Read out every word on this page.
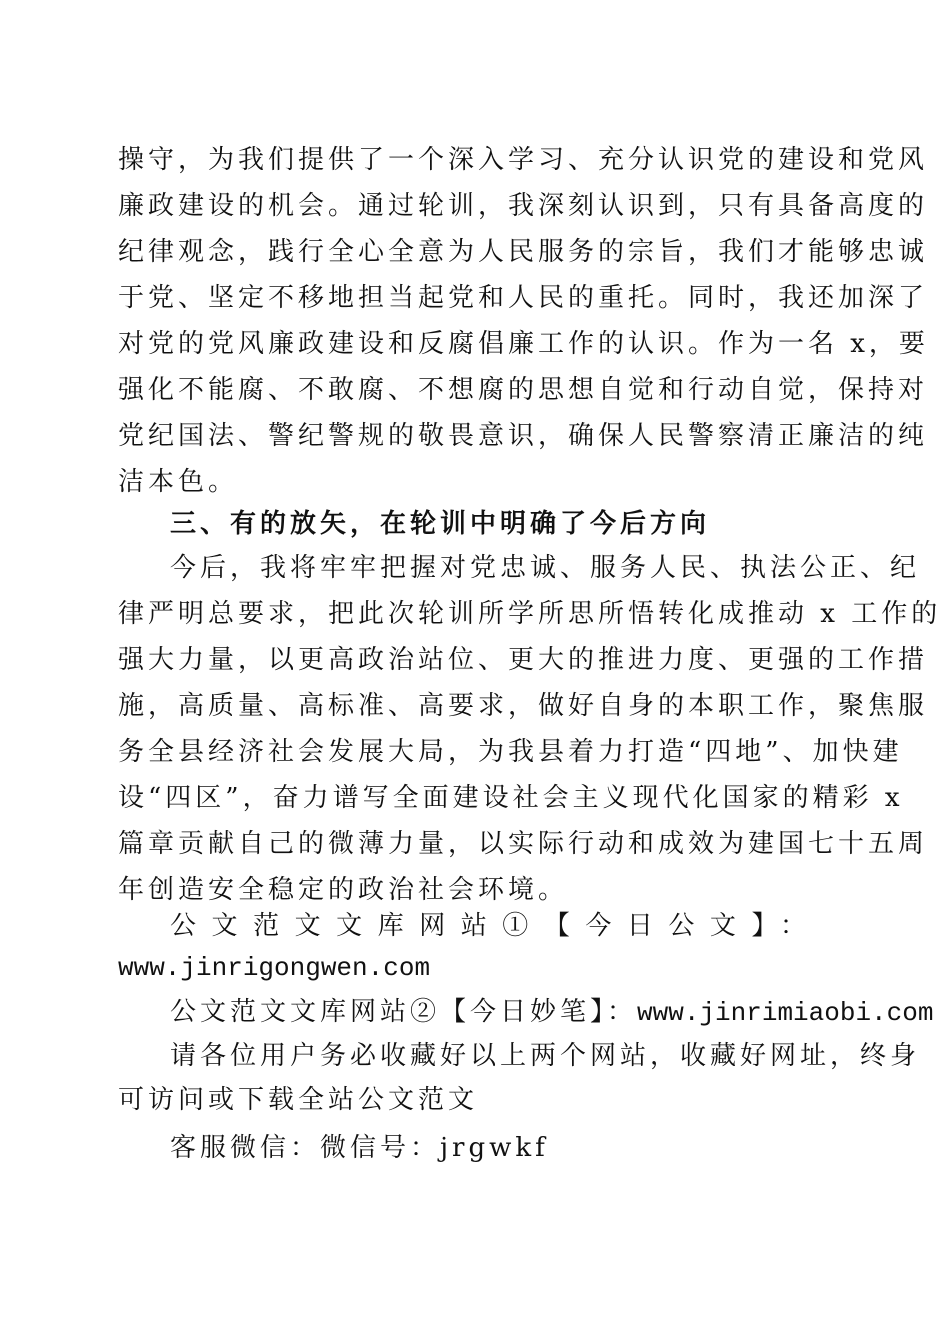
操守，为我们提供了一个深入学习、充分认识党的建设和党风
廉政建设的机会。通过轮训，我深刻认识到，只有具备高度的
纪律观念，践行全心全意为人民服务的宗旨，我们才能够忠诚
于党、坚定不移地担当起党和人民的重托。同时，我还加深了
对党的党风廉政建设和反腐倡廉工作的认识。作为一名 x，要
强化不能腐、不敢腐、不想腐的思想自觉和行动自觉，保持对
党纪国法、警纪警规的敬畏意识，确保人民警察清正廉洁的纯
洁本色。
三、有的放矢，在轮训中明确了今后方向
今后，我将牢牢把握对党忠诚、服务人民、执法公正、纪
律严明总要求，把此次轮训所学所思所悟转化成推动 x 工作的
强大力量，以更高政治站位、更大的推进力度、更强的工作措
施，高质量、高标准、高要求，做好自身的本职工作，聚焦服
务全县经济社会发展大局，为我县着力打造“四地”、加快建
设“四区”，奋力谱写全面建设社会主义现代化国家的精彩 x
篇章贡献自己的微薄力量，以实际行动和成效为建国七十五周
年创造安全稳定的政治社会环境。
公文范文文库网站①【今日公文】：
www.jinrigongwen.com
公文范文文库网站②【今日妙笔】：www.jinrimiaobi.com
请各位用户务必收藏好以上两个网站，收藏好网址，终身
可访问或下载全站公文范文
客服微信：微信号：jrgwkf
